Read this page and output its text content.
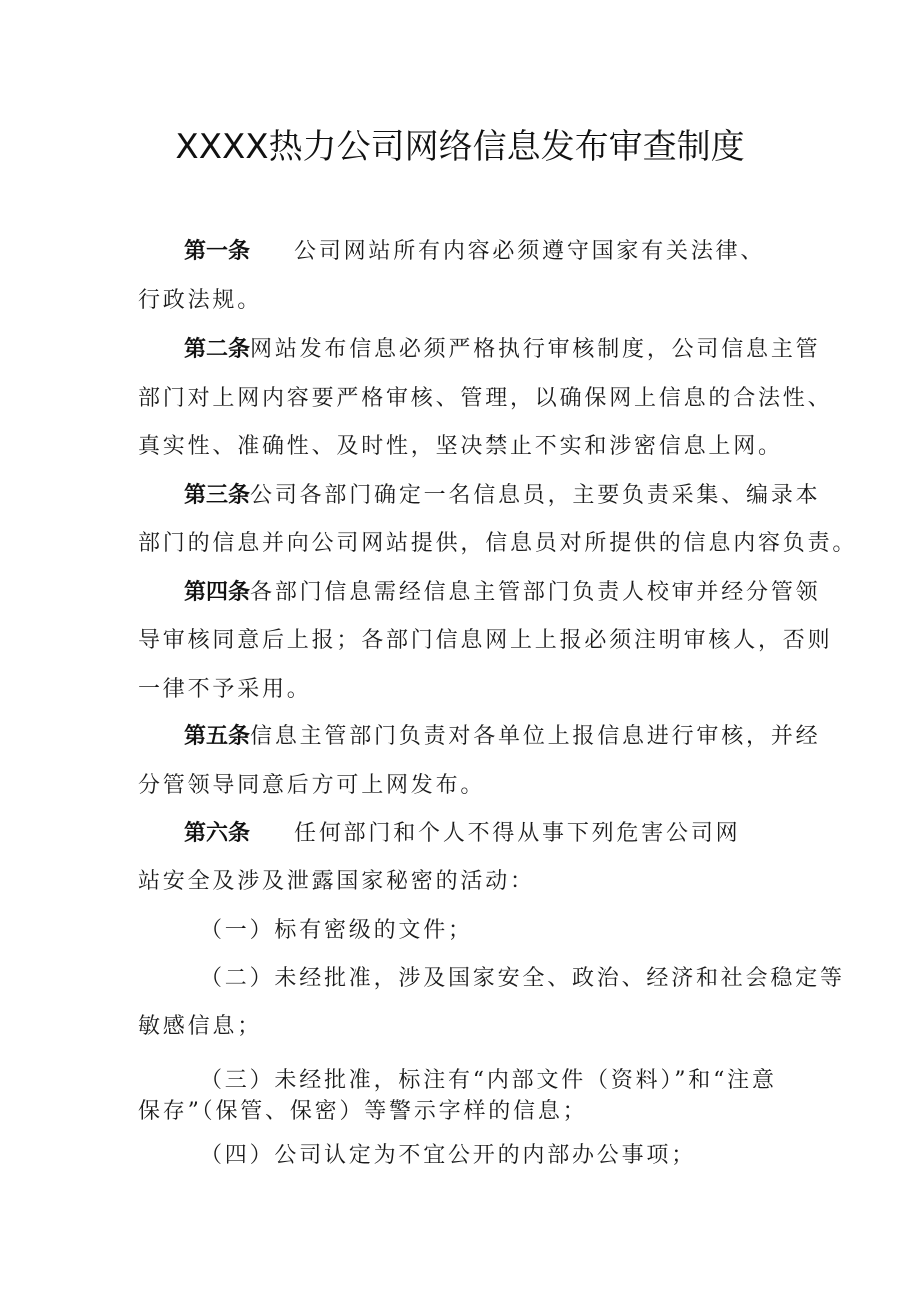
XXXX热力公司网络信息发布审查制度
第一条 公司网站所有内容必须遵守国家有关法律、
行政法规。
第二条网站发布信息必须严格执行审核制度，公司信息主管
部门对上网内容要严格审核、管理，以确保网上信息的合法性、
真实性、准确性、及时性，坚决禁止不实和涉密信息上网。
第三条公司各部门确定一名信息员，主要负责采集、编录本
部门的信息并向公司网站提供，信息员对所提供的信息内容负责。
第四条各部门信息需经信息主管部门负责人校审并经分管领
导审核同意后上报；各部门信息网上上报必须注明审核人，否则
一律不予采用。
第五条信息主管部门负责对各单位上报信息进行审核，并经
分管领导同意后方可上网发布。
第六条 任何部门和个人不得从事下列危害公司网
站安全及涉及泄露国家秘密的活动：
（一）标有密级的文件；
（二）未经批准，涉及国家安全、政治、经济和社会稳定等
敏感信息；
（三）未经批准，标注有“内部文件（资料）”和“注意
保存”（保管、保密）等警示字样的信息；
（四）公司认定为不宜公开的内部办公事项；
